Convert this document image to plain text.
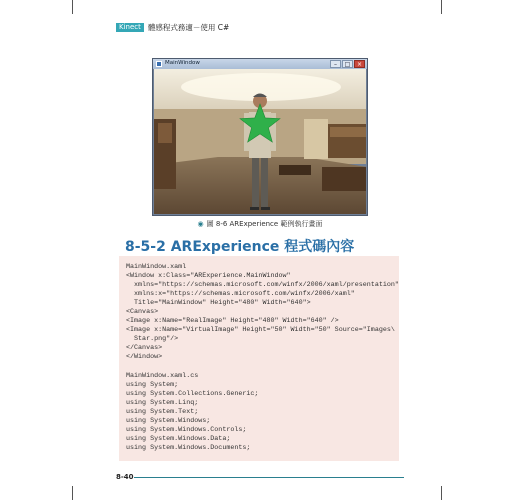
Kinect 體感程式務適－使用 C#
MainWindow	–	□	×
◉ 圖 8-6 ARExperience 範例執行畫面
8-5-2 ARExperience 程式碼內容
MainWindow.xaml
<Window x:Class="ARExperience.MainWindow"
xmlns="https://schemas.microsoft.com/winfx/2006/xaml/presentation"
xmlns:x="https://schemas.microsoft.com/winfx/2006/xaml"
Title="MainWindow" Height="480" Width="640">
<Canvas>
<Image x:Name="RealImage" Height="480" Width="640" />
<Image x:Name="VirtualImage" Height="50" Width="50" Source="Images\
Star.png"/>
</Canvas>
</Window>
MainWindow.xaml.cs
using System;
using System.Collections.Generic;
using System.Linq;
using System.Text;
using System.Windows;
using System.Windows.Controls;
using System.Windows.Data;
using System.Windows.Documents;
8-40
